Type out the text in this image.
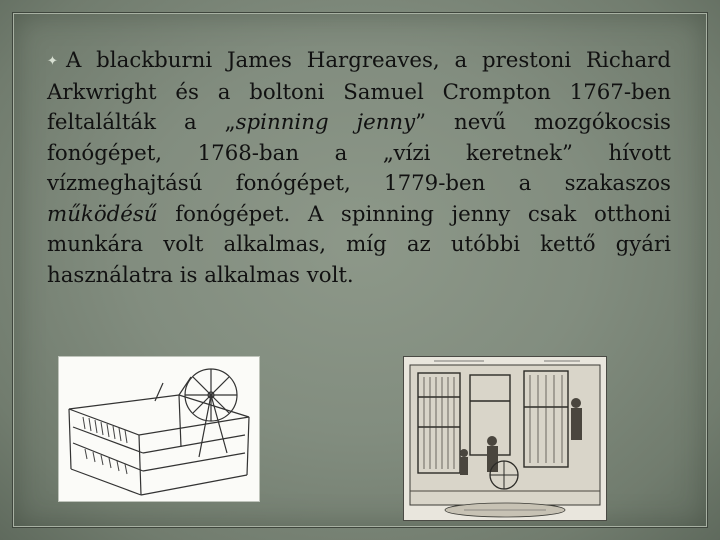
✦ A blackburni James Hargreaves, a prestoni Richard Arkwright és a boltoni Samuel Crompton 1767-ben feltalálták a „spinning jenny” nevű mozgókocsis fonógépet, 1768-ban a „vízi keretnek” hívott vízmeghajtású fonógépet, 1779-ben a szakaszos működésű fonógépet. A spinning jenny csak otthoni munkára volt alkalmas, míg az utóbbi kettő gyári használatra is alkalmas volt.
